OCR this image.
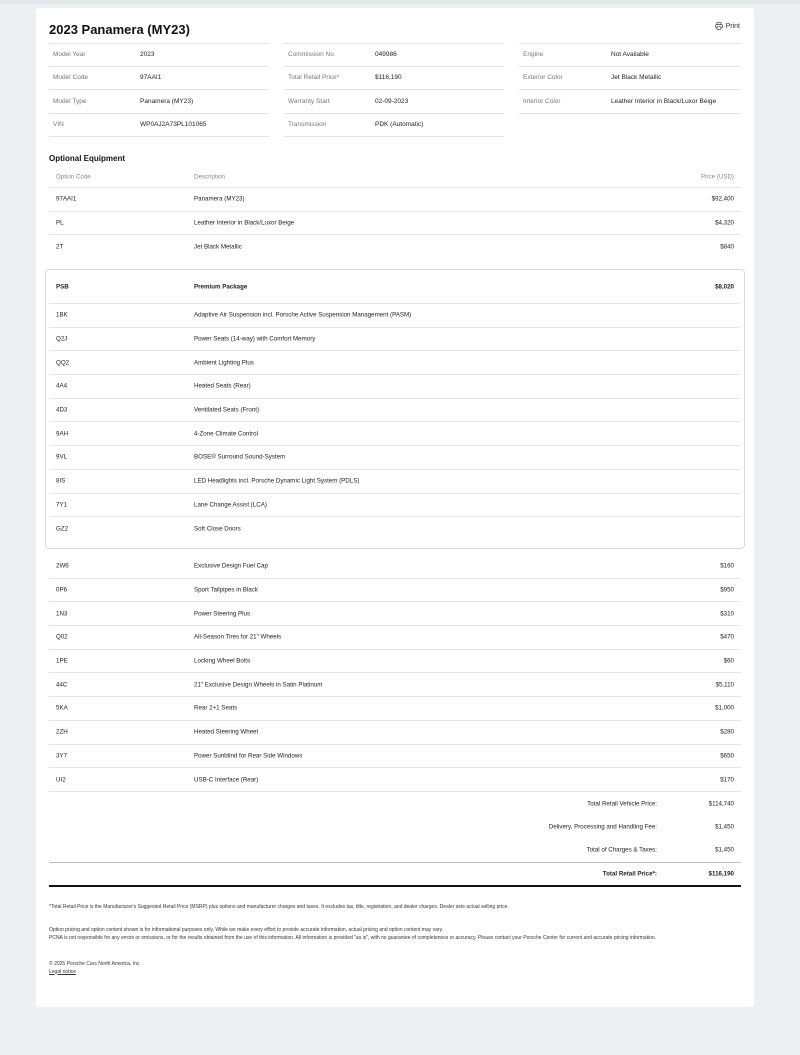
2023 Panamera (MY23)	Print
Model Year	2023
Model Code	97AAI1
Model Type	Panamera (MY23)
VIN	WP0AJ2A73PL101065
Commission No.	049986
Total Retail Price*	$116,190
Warranty Start	02-09-2023
Transmission	PDK (Automatic)
Engine	Not Available
Exterior Color	Jet Black Metallic
Interior Color	Leather Interior in Black/Luxor Beige
Optional Equipment
Option Code	Description	Price (USD)
97AAI1	Panamera (MY23)	$92,400
PL	Leather Interior in Black/Luxor Beige	$4,320
2T	Jet Black Metallic	$840
PSB	Premium Package	$8,020
1BK	Adaptive Air Suspension incl. Porsche Active Suspension Management (PASM)
Q2J	Power Seats (14-way) with Comfort Memory
QQ2	Ambient Lighting Plus
4A4	Heated Seats (Rear)
4D3	Ventilated Seats (Front)
9AH	4-Zone Climate Control
9VL	BOSE® Surround Sound-System
8IS	LED Headlights incl. Porsche Dynamic Light System (PDLS)
7Y1	Lane Change Assist (LCA)
GZ2	Soft Close Doors
2W6	Exclusive Design Fuel Cap	$160
0P6	Sport Tailpipes in Black	$950
1N3	Power Steering Plus	$310
Q02	All-Season Tires for 21" Wheels	$470
1PE	Locking Wheel Bolts	$60
44C	21" Exclusive Design Wheels in Satin Platinum	$5,110
5KA	Rear 2+1 Seats	$1,000
2ZH	Heated Steering Wheel	$280
3Y7	Power Sunblind for Rear Side Windows	$650
UI2	USB-C Interface (Rear)	$170
Total Retail Vehicle Price:	$114,740
Delivery, Processing and Handling Fee:	$1,450
Total of Charges & Taxes:	$1,450
Total Retail Price*:	$116,190
*Total Retail Price is the Manufacturer's Suggested Retail Price (MSRP) plus options and manufacturer charges and taxes. It excludes tax, title, registration, and dealer charges. Dealer sets actual selling price.
Option pricing and option content shown is for informational purposes only. While we make every effort to provide accurate information, actual pricing and option content may vary.
PCNA is not responsible for any errors or omissions, or for the results obtained from the use of this information. All information is provided "as is", with no guarantee of completeness or accuracy. Please contact your Porsche Center for current and accurate pricing information.
© 2025 Porsche Cars North America, Inc.
Legal notice
